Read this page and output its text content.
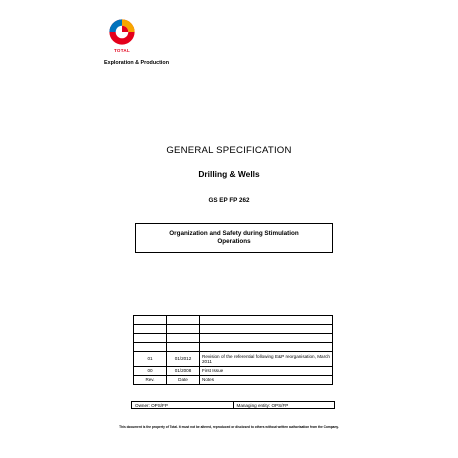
TOTAL
Exploration & Production
GENERAL SPECIFICATION
Drilling & Wells
GS EP FP 262
Organization and Safety during Stimulation Operations

01	01/2012	Revision of the referential following E&P reorganisation, March 2011
00	01/2008	First Issue
Rev.	Date	Notes
Owner: OPS/FP	Managing entity: OPS/FP
This document is the property of Total. It must not be altered, reproduced or disclosed to others without written authorisation from the Company.
